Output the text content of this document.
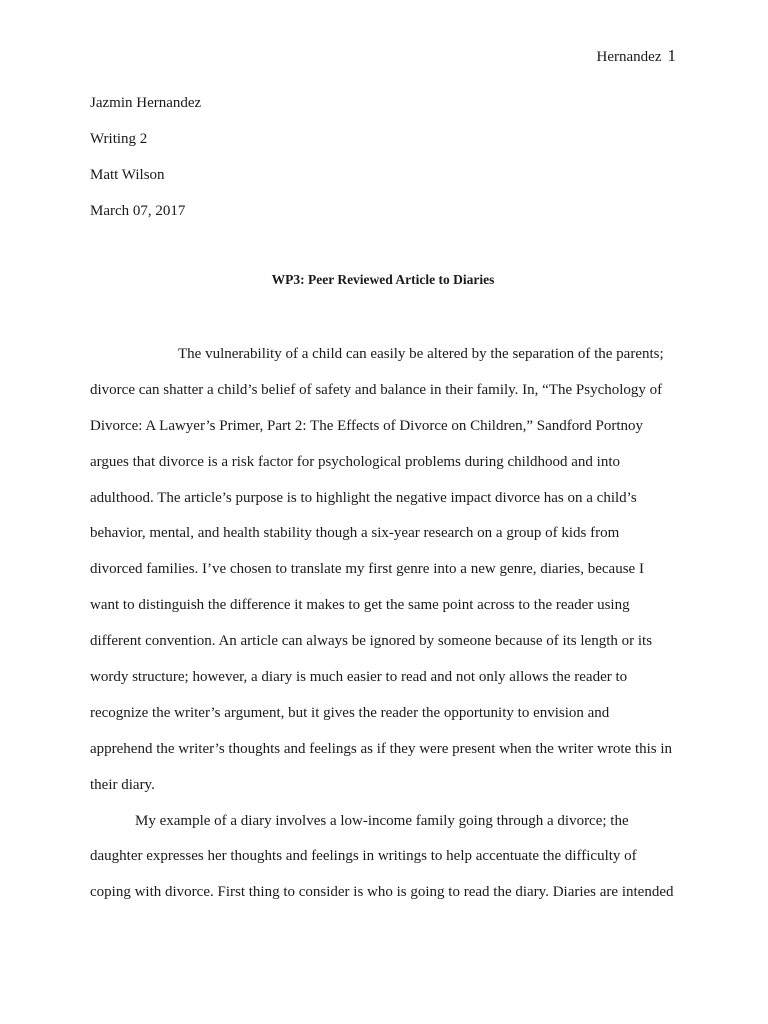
Hernandez 1
Jazmin Hernandez
Writing 2
Matt Wilson
March 07, 2017
WP3: Peer Reviewed Article to Diaries

The vulnerability of a child can easily be altered by the separation of the parents;
divorce can shatter a child’s belief of safety and balance in their family. In, “The Psychology of
Divorce: A Lawyer’s Primer, Part 2: The Effects of Divorce on Children,” Sandford Portnoy
argues that divorce is a risk factor for psychological problems during childhood and into
adulthood. The article’s purpose is to highlight the negative impact divorce has on a child’s
behavior, mental, and health stability though a six-year research on a group of kids from
divorced families. I’ve chosen to translate my first genre into a new genre, diaries, because I
want to distinguish the difference it makes to get the same point across to the reader using
different convention. An article can always be ignored by someone because of its length or its
wordy structure; however, a diary is much easier to read and not only allows the reader to
recognize the writer’s argument, but it gives the reader the opportunity to envision and
apprehend the writer’s thoughts and feelings as if they were present when the writer wrote this in
their diary.

My example of a diary involves a low-income family going through a divorce; the
daughter expresses her thoughts and feelings in writings to help accentuate the difficulty of
coping with divorce. First thing to consider is who is going to read the diary. Diaries are intended
